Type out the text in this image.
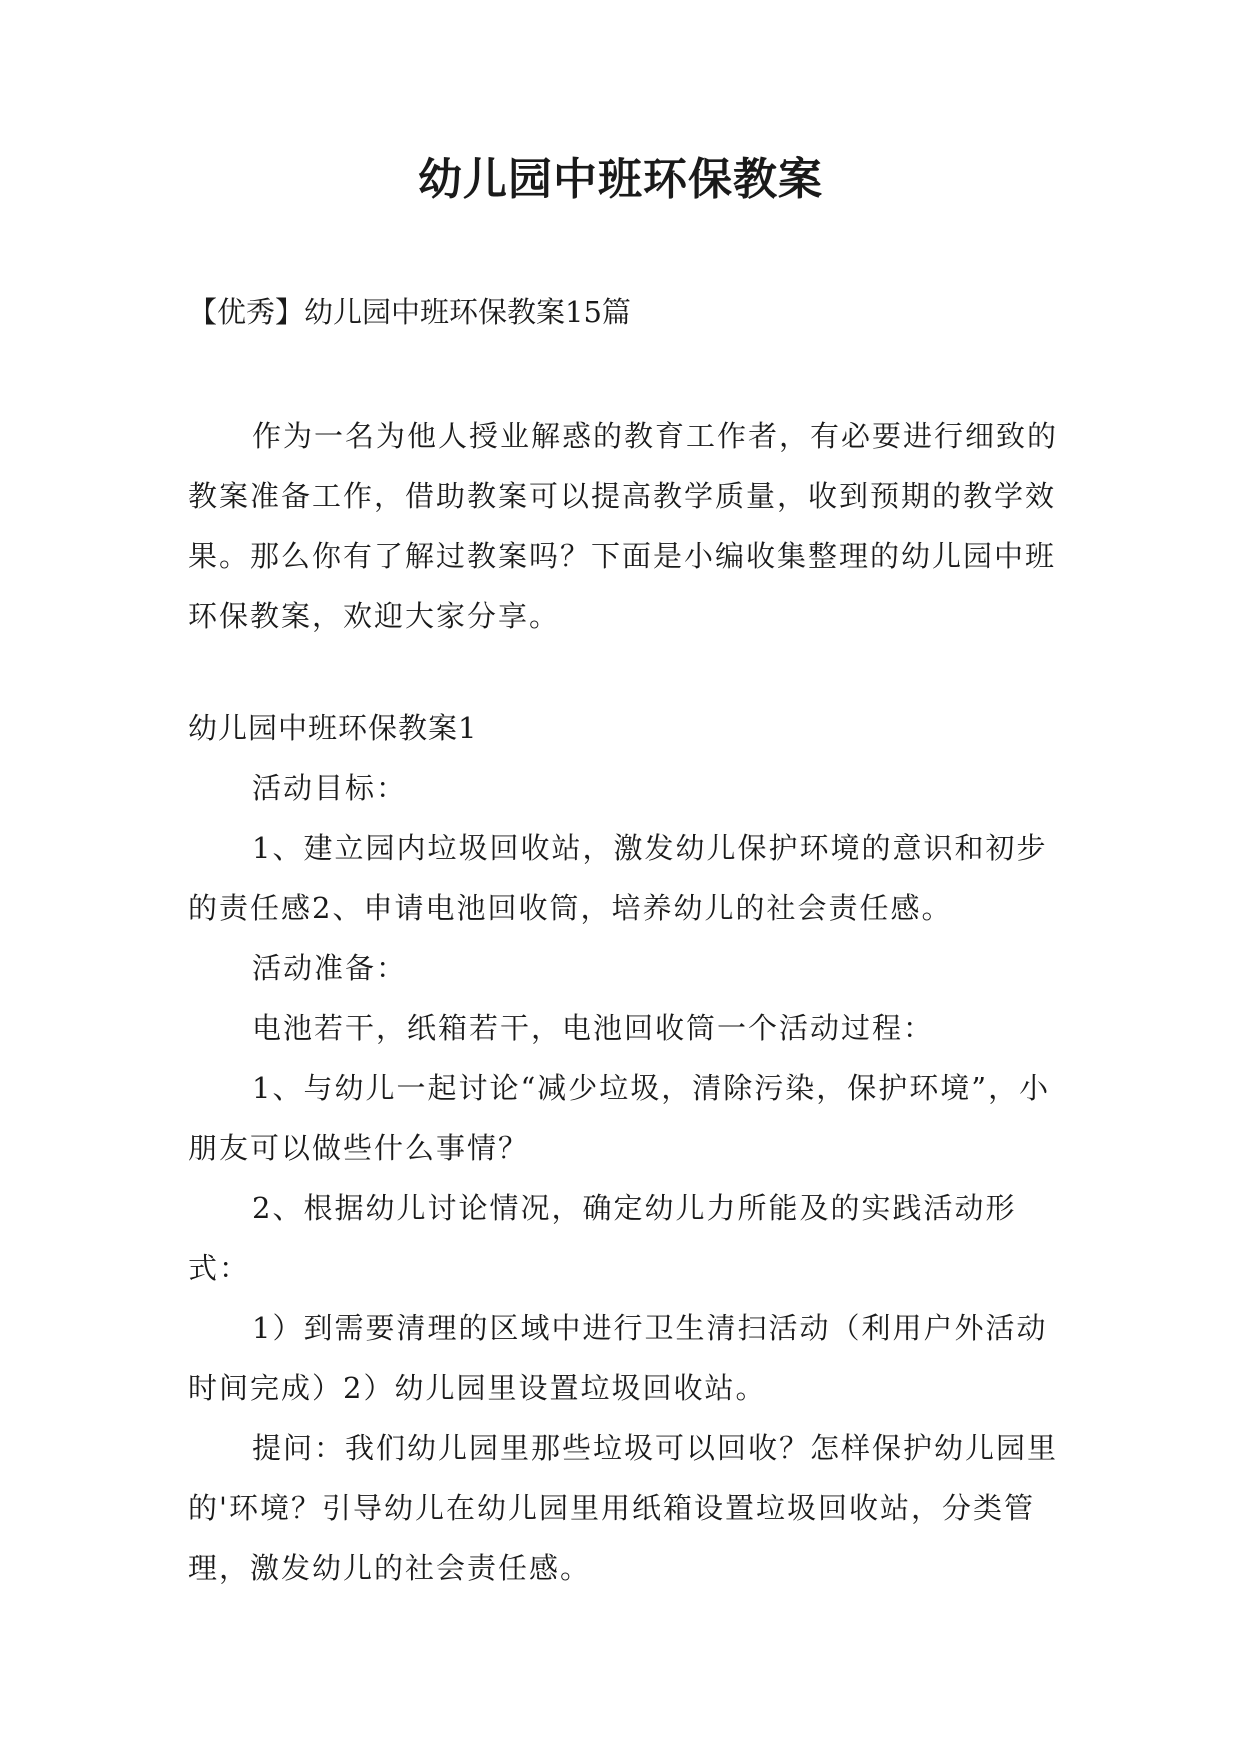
幼儿园中班环保教案
【优秀】幼儿园中班环保教案15篇

作为一名为他人授业解惑的教育工作者，有必要进行细致的教案准备工作，借助教案可以提高教学质量，收到预期的教学效果。那么你有了解过教案吗？下面是小编收集整理的幼儿园中班环保教案，欢迎大家分享。

幼儿园中班环保教案1

活动目标：

1、建立园内垃圾回收站，激发幼儿保护环境的意识和初步的责任感2、申请电池回收筒，培养幼儿的社会责任感。

活动准备：

电池若干，纸箱若干，电池回收筒一个活动过程：

1、与幼儿一起讨论“减少垃圾，清除污染，保护环境”，小朋友可以做些什么事情？

2、根据幼儿讨论情况，确定幼儿力所能及的实践活动形式：

1）到需要清理的区域中进行卫生清扫活动（利用户外活动时间完成）2）幼儿园里设置垃圾回收站。

提问：我们幼儿园里那些垃圾可以回收？怎样保护幼儿园里的'环境？引导幼儿在幼儿园里用纸箱设置垃圾回收站，分类管理，激发幼儿的社会责任感。
